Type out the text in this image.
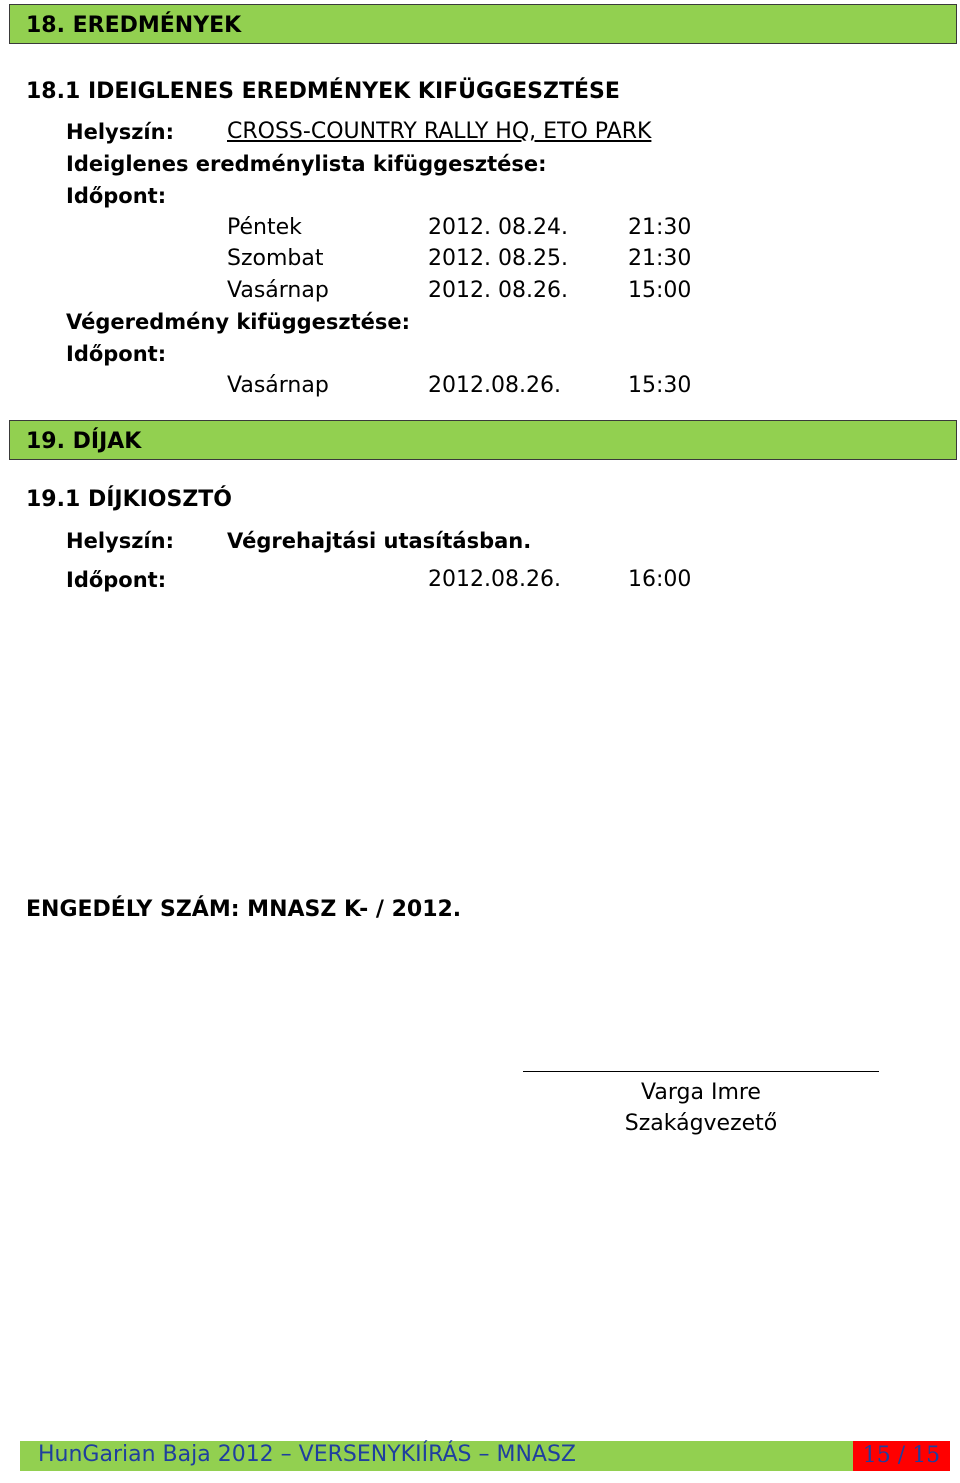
18. EREDMÉNYEK
18.1 IDEIGLENES EREDMÉNYEK KIFÜGGESZTÉSE
Helyszín: CROSS-COUNTRY RALLY HQ, ETO PARK
Ideiglenes eredménylista kifüggesztése:
Időpont:
Péntek	2012. 08.24.	21:30
Szombat	2012. 08.25.	21:30
Vasárnap	2012. 08.26.	15:00
Végeredmény kifüggesztése:
Időpont:
Vasárnap	2012.08.26.	15:30
19. DÍJAK
19.1 DÍJKIOSZTÓ
Helyszín:	Végrehajtási utasításban.
Időpont:	2012.08.26.	16:00
ENGEDÉLY SZÁM: MNASZ K- / 2012.
Varga Imre
Szakágvezető
HunGarian Baja 2012 – VERSENYKIÍRÁS – MNASZ	15 / 15
